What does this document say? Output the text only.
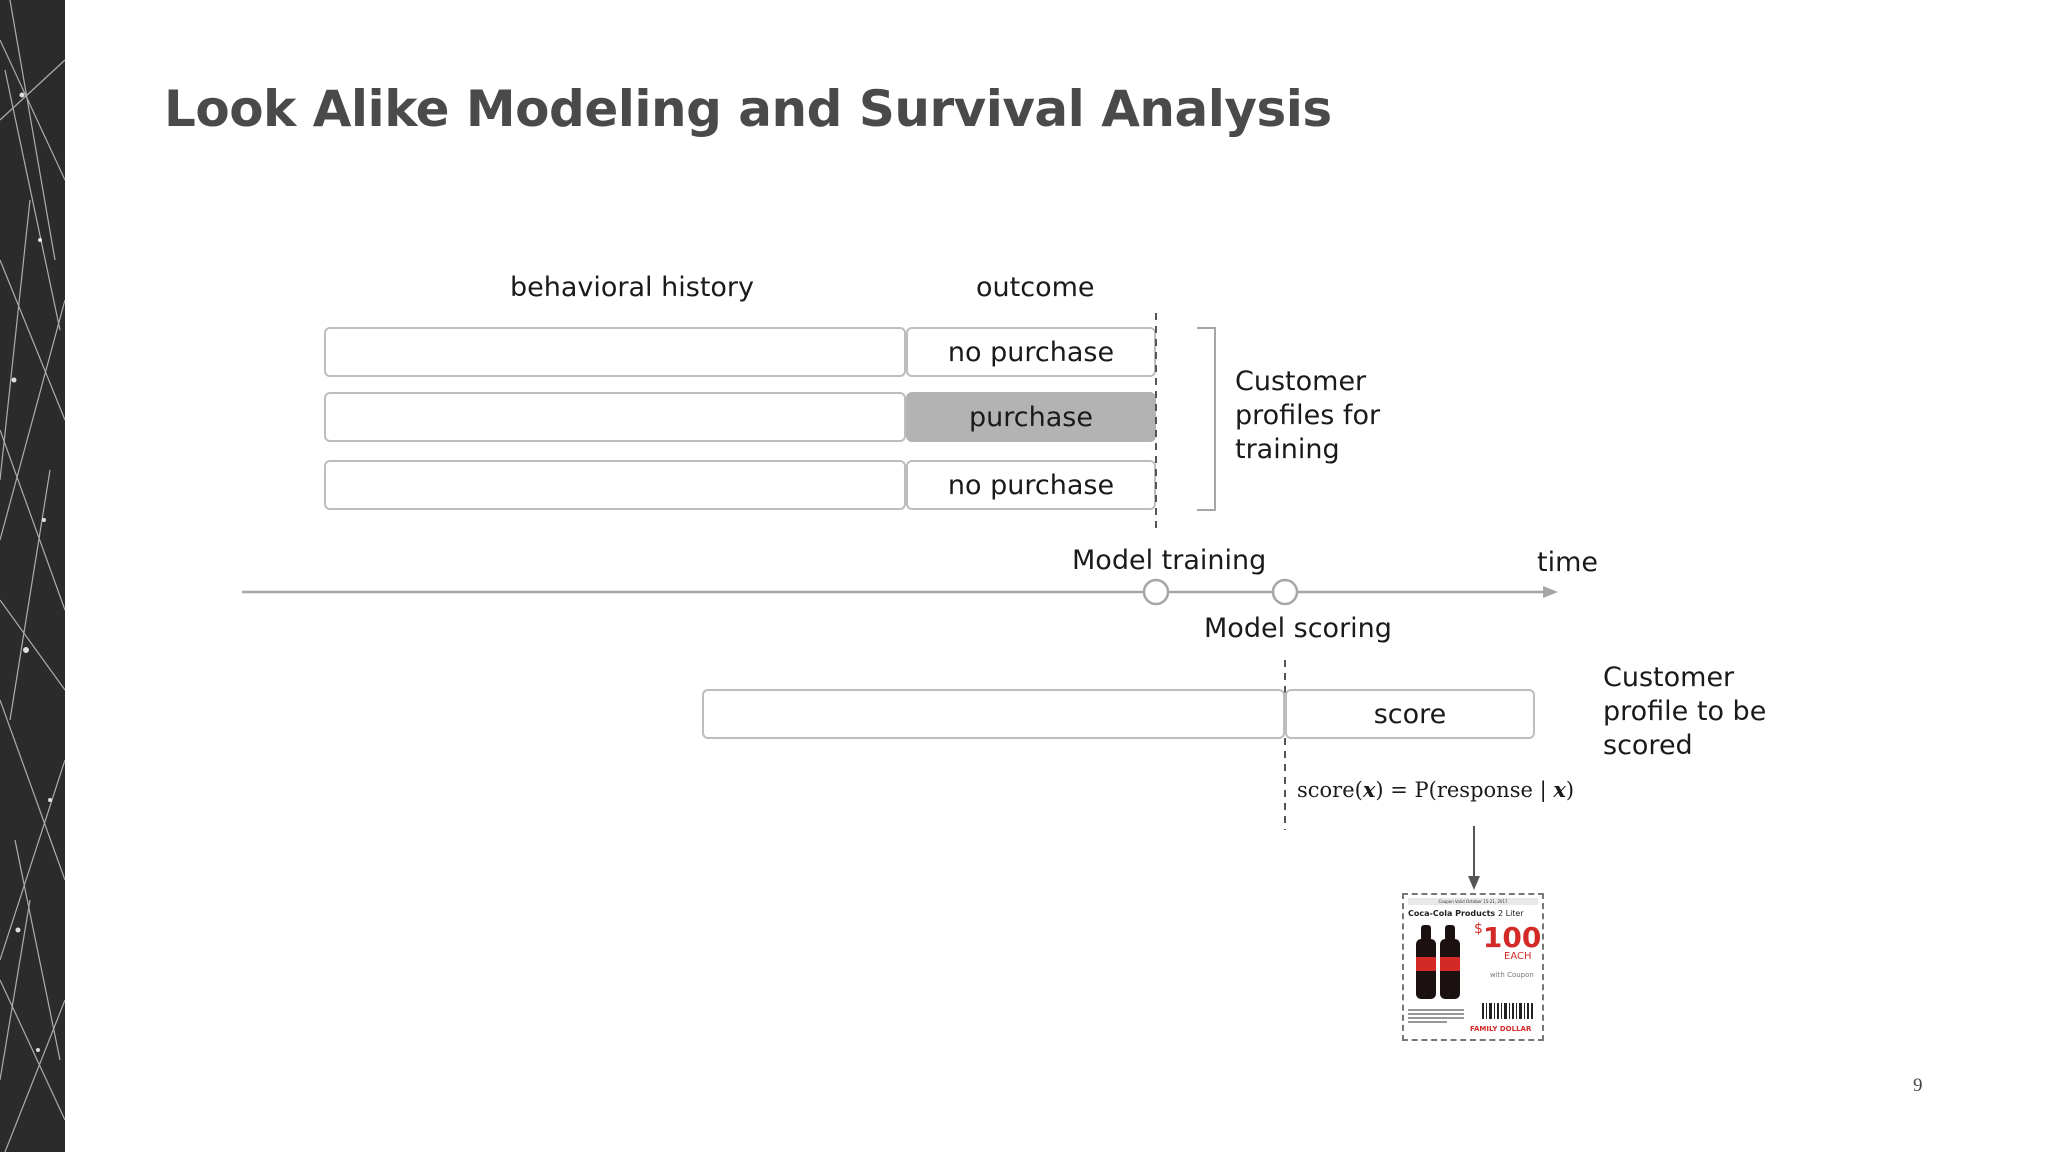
Look Alike Modeling and Survival Analysis
behavioral history	outcome
no purchase
purchase
no purchase
Customer
profiles for
training
Model training	time
Model scoring
score
Customer
profile to be
scored
score(x) = P(response | x)
Coupon Valid October 15-21, 2017
Coca-Cola Products 2 Liter
$100
EACH
with Coupon
FAMILY DOLLAR
9
